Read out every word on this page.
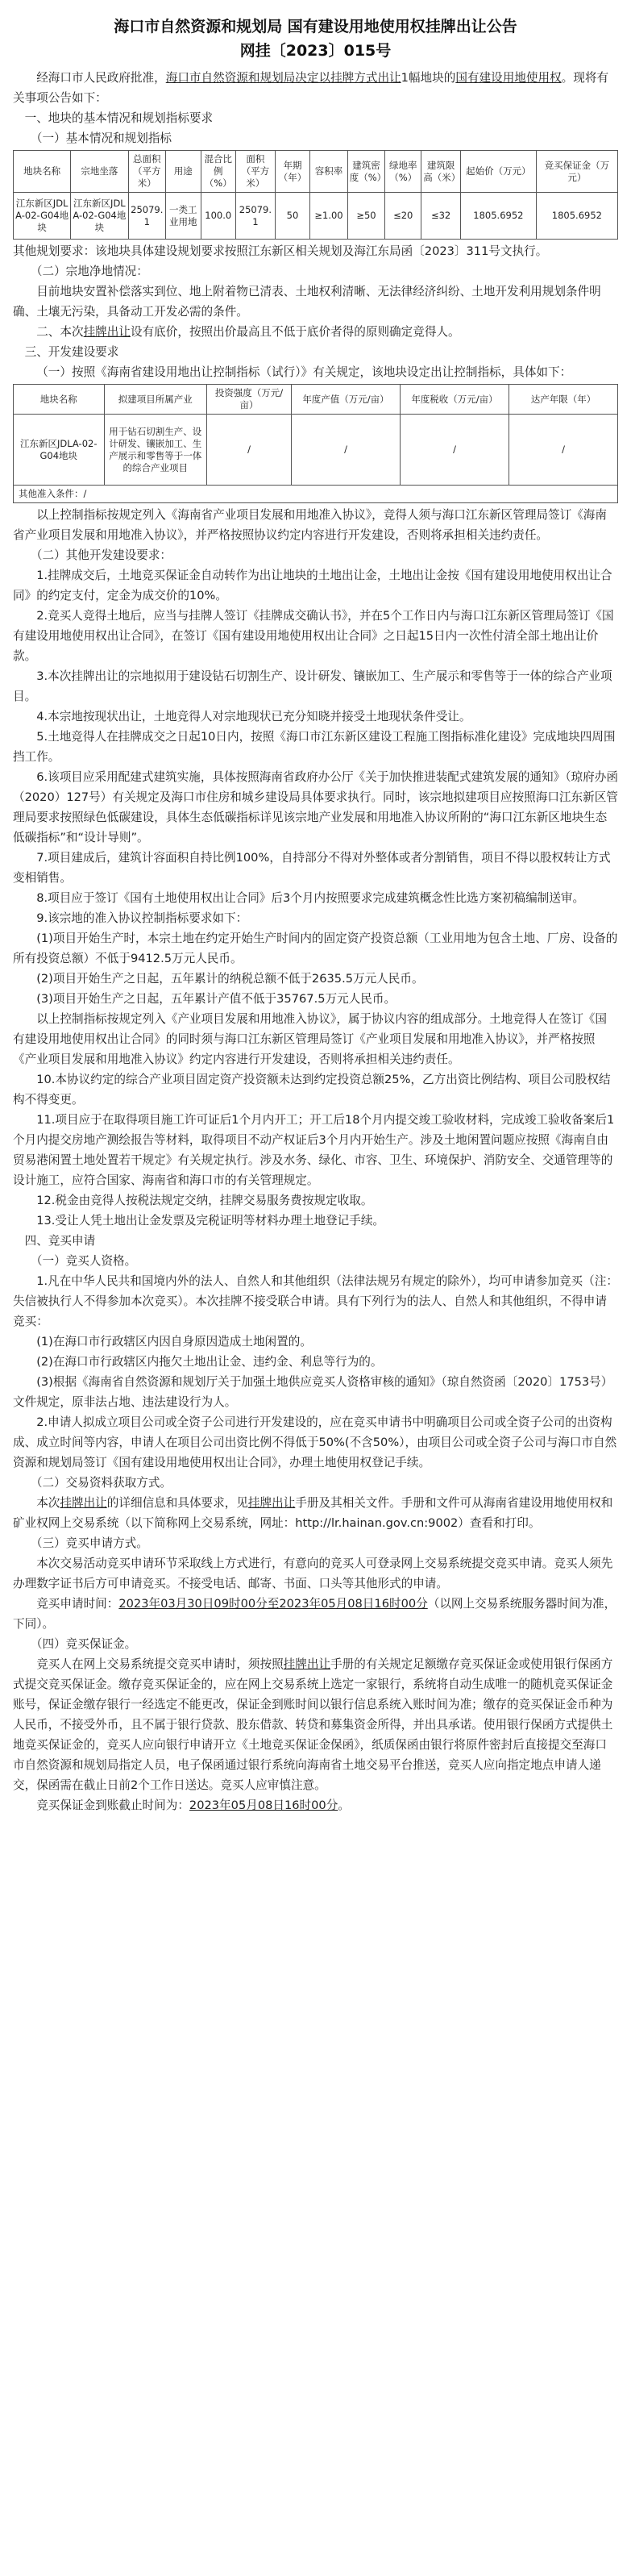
海口市自然资源和规划局 国有建设用地使用权挂牌出让公告
网挂〔2023〕015号

经海口市人民政府批准，海口市自然资源和规划局决定以挂牌方式出让1幅地块的国有建设用地使用权。现将有关事项公告如下：

一、地块的基本情况和规划指标要求

（一）基本情况和规划指标

地块名称	宗地坐落	总面积（平方米）	用途	混合比例（%）	面积（平方米）	年期（年）	容积率	建筑密度（%）	绿地率（%）	建筑限高（米）	起始价（万元）	竞买保证金（万元）
江东新区JDLA-02-G04地块	江东新区JDLA-02-G04地块	25079.1	一类工业用地	100.0	25079.1	50	≥1.00	≥50	≤20	≤32	1805.6952	1805.6952

其他规划要求：该地块具体建设规划要求按照江东新区相关规划及海江东局函〔2023〕311号文执行。

（二）宗地净地情况：

目前地块安置补偿落实到位、地上附着物已清表、土地权利清晰、无法律经济纠纷、土地开发利用规划条件明确、土壤无污染，具备动工开发必需的条件。

二、本次挂牌出让设有底价，按照出价最高且不低于底价者得的原则确定竞得人。

三、开发建设要求

（一）按照《海南省建设用地出让控制指标（试行）》有关规定，该地块设定出让控制指标，具体如下：

地块名称	拟建项目所属产业	投资强度（万元/亩）	年度产值（万元/亩）	年度税收（万元/亩）	达产年限（年）
江东新区JDLA-02- G04地块	用于钻石切割生产、设计研发、镶嵌加工、生产展示和零售等于一体的综合产业项目	/	/	/	/
其他准入条件：/					

以上控制指标按规定列入《海南省产业项目发展和用地准入协议》，竞得人须与海口江东新区管理局签订《海南省产业项目发展和用地准入协议》，并严格按照协议约定内容进行开发建设，否则将承担相关违约责任。

（二）其他开发建设要求：

1.挂牌成交后，土地竞买保证金自动转作为出让地块的土地出让金，土地出让金按《国有建设用地使用权出让合同》的约定支付，定金为成交价的10%。

2.竞买人竞得土地后，应当与挂牌人签订《挂牌成交确认书》，并在5个工作日内与海口江东新区管理局签订《国有建设用地使用权出让合同》，在签订《国有建设用地使用权出让合同》之日起15日内一次性付清全部土地出让价款。

3.本次挂牌出让的宗地拟用于建设钻石切割生产、设计研发、镶嵌加工、生产展示和零售等于一体的综合产业项目。

4.本宗地按现状出让，土地竞得人对宗地现状已充分知晓并接受土地现状条件受让。

5.土地竞得人在挂牌成交之日起10日内，按照《海口市江东新区建设工程施工图指标准化建设》完成地块四周围挡工作。

6.该项目应采用配建式建筑实施，具体按照海南省政府办公厅《关于加快推进装配式建筑发展的通知》（琼府办函（2020）127号）有关规定及海口市住房和城乡建设局具体要求执行。同时，该宗地拟建项目应按照海口江东新区管理局要求按照绿色低碳建设，具体生态低碳指标详见该宗地产业发展和用地准入协议所附的“海口江东新区地块生态低碳指标”和“设计导则”。

7.项目建成后，建筑计容面积自持比例100%，自持部分不得对外整体或者分割销售，项目不得以股权转让方式变相销售。

8.项目应于签订《国有土地使用权出让合同》后3个月内按照要求完成建筑概念性比选方案初稿编制送审。

9.该宗地的准入协议控制指标要求如下：

(1)项目开始生产时，本宗土地在约定开始生产时间内的固定资产投资总额（工业用地为包含土地、厂房、设备的所有投资总额）不低于9412.5万元人民币。

(2)项目开始生产之日起，五年累计的纳税总额不低于2635.5万元人民币。

(3)项目开始生产之日起，五年累计产值不低于35767.5万元人民币。

以上控制指标按规定列入《产业项目发展和用地准入协议》，属于协议内容的组成部分。土地竞得人在签订《国有建设用地使用权出让合同》的同时须与海口江东新区管理局签订《产业项目发展和用地准入协议》，并严格按照《产业项目发展和用地准入协议》约定内容进行开发建设，否则将承担相关违约责任。

10.本协议约定的综合产业项目固定资产投资额未达到约定投资总额25%，乙方出资比例结构、项目公司股权结构不得变更。

11.项目应于在取得项目施工许可证后1个月内开工；开工后18个月内提交竣工验收材料，完成竣工验收备案后1个月内提交房地产测绘报告等材料，取得项目不动产权证后3个月内开始生产。涉及土地闲置问题应按照《海南自由贸易港闲置土地处置若干规定》有关规定执行。涉及水务、绿化、市容、卫生、环境保护、消防安全、交通管理等的设计施工，应符合国家、海南省和海口市的有关管理规定。

12.税金由竞得人按税法规定交纳，挂牌交易服务费按规定收取。

13.受让人凭土地出让金发票及完税证明等材料办理土地登记手续。

四、竞买申请

（一）竞买人资格。

1.凡在中华人民共和国境内外的法人、自然人和其他组织（法律法规另有规定的除外），均可申请参加竞买（注：失信被执行人不得参加本次竞买）。本次挂牌不接受联合申请。具有下列行为的法人、自然人和其他组织，不得申请竞买：

(1)在海口市行政辖区内因自身原因造成土地闲置的。

(2)在海口市行政辖区内拖欠土地出让金、违约金、利息等行为的。

(3)根据《海南省自然资源和规划厅关于加强土地供应竞买人资格审核的通知》（琼自然资函〔2020〕1753号）文件规定，原非法占地、违法建设行为人。

2.申请人拟成立项目公司或全资子公司进行开发建设的，应在竞买申请书中明确项目公司或全资子公司的出资构成、成立时间等内容，申请人在项目公司出资比例不得低于50%(不含50%），由项目公司或全资子公司与海口市自然资源和规划局签订《国有建设用地使用权出让合同》，办理土地使用权登记手续。

（二）交易资料获取方式。

本次挂牌出让的详细信息和具体要求，见挂牌出让手册及其相关文件。手册和文件可从海南省建设用地使用权和矿业权网上交易系统（以下简称网上交易系统，网址：http://lr.hainan.gov.cn:9002）查看和打印。

（三）竞买申请方式。

本次交易活动竞买申请环节采取线上方式进行，有意向的竞买人可登录网上交易系统提交竞买申请。竞买人须先办理数字证书后方可申请竞买。不接受电话、邮寄、书面、口头等其他形式的申请。

竞买申请时间：2023年03月30日09时00分至2023年05月08日16时00分（以网上交易系统服务器时间为准，下同）。

（四）竞买保证金。

竞买人在网上交易系统提交竞买申请时，须按照挂牌出让手册的有关规定足额缴存竞买保证金或使用银行保函方式提交竞买保证金。缴存竞买保证金的，应在网上交易系统上选定一家银行，系统将自动生成唯一的随机竞买保证金账号，保证金缴存银行一经选定不能更改，保证金到账时间以银行信息系统入账时间为准；缴存的竞买保证金币种为人民币，不接受外币，且不属于银行贷款、股东借款、转贷和募集资金所得，并出具承诺。使用银行保函方式提供土地竞买保证金的，竞买人应向银行申请开立《土地竞买保证金保函》，纸质保函由银行将原件密封后直接提交至海口市自然资源和规划局指定人员，电子保函通过银行系统向海南省土地交易平台推送，竞买人应向指定地点申请人递交，保函需在截止日前2个工作日送达。竞买人应审慎注意。

竞买保证金到账截止时间为：2023年05月08日16时00分。
